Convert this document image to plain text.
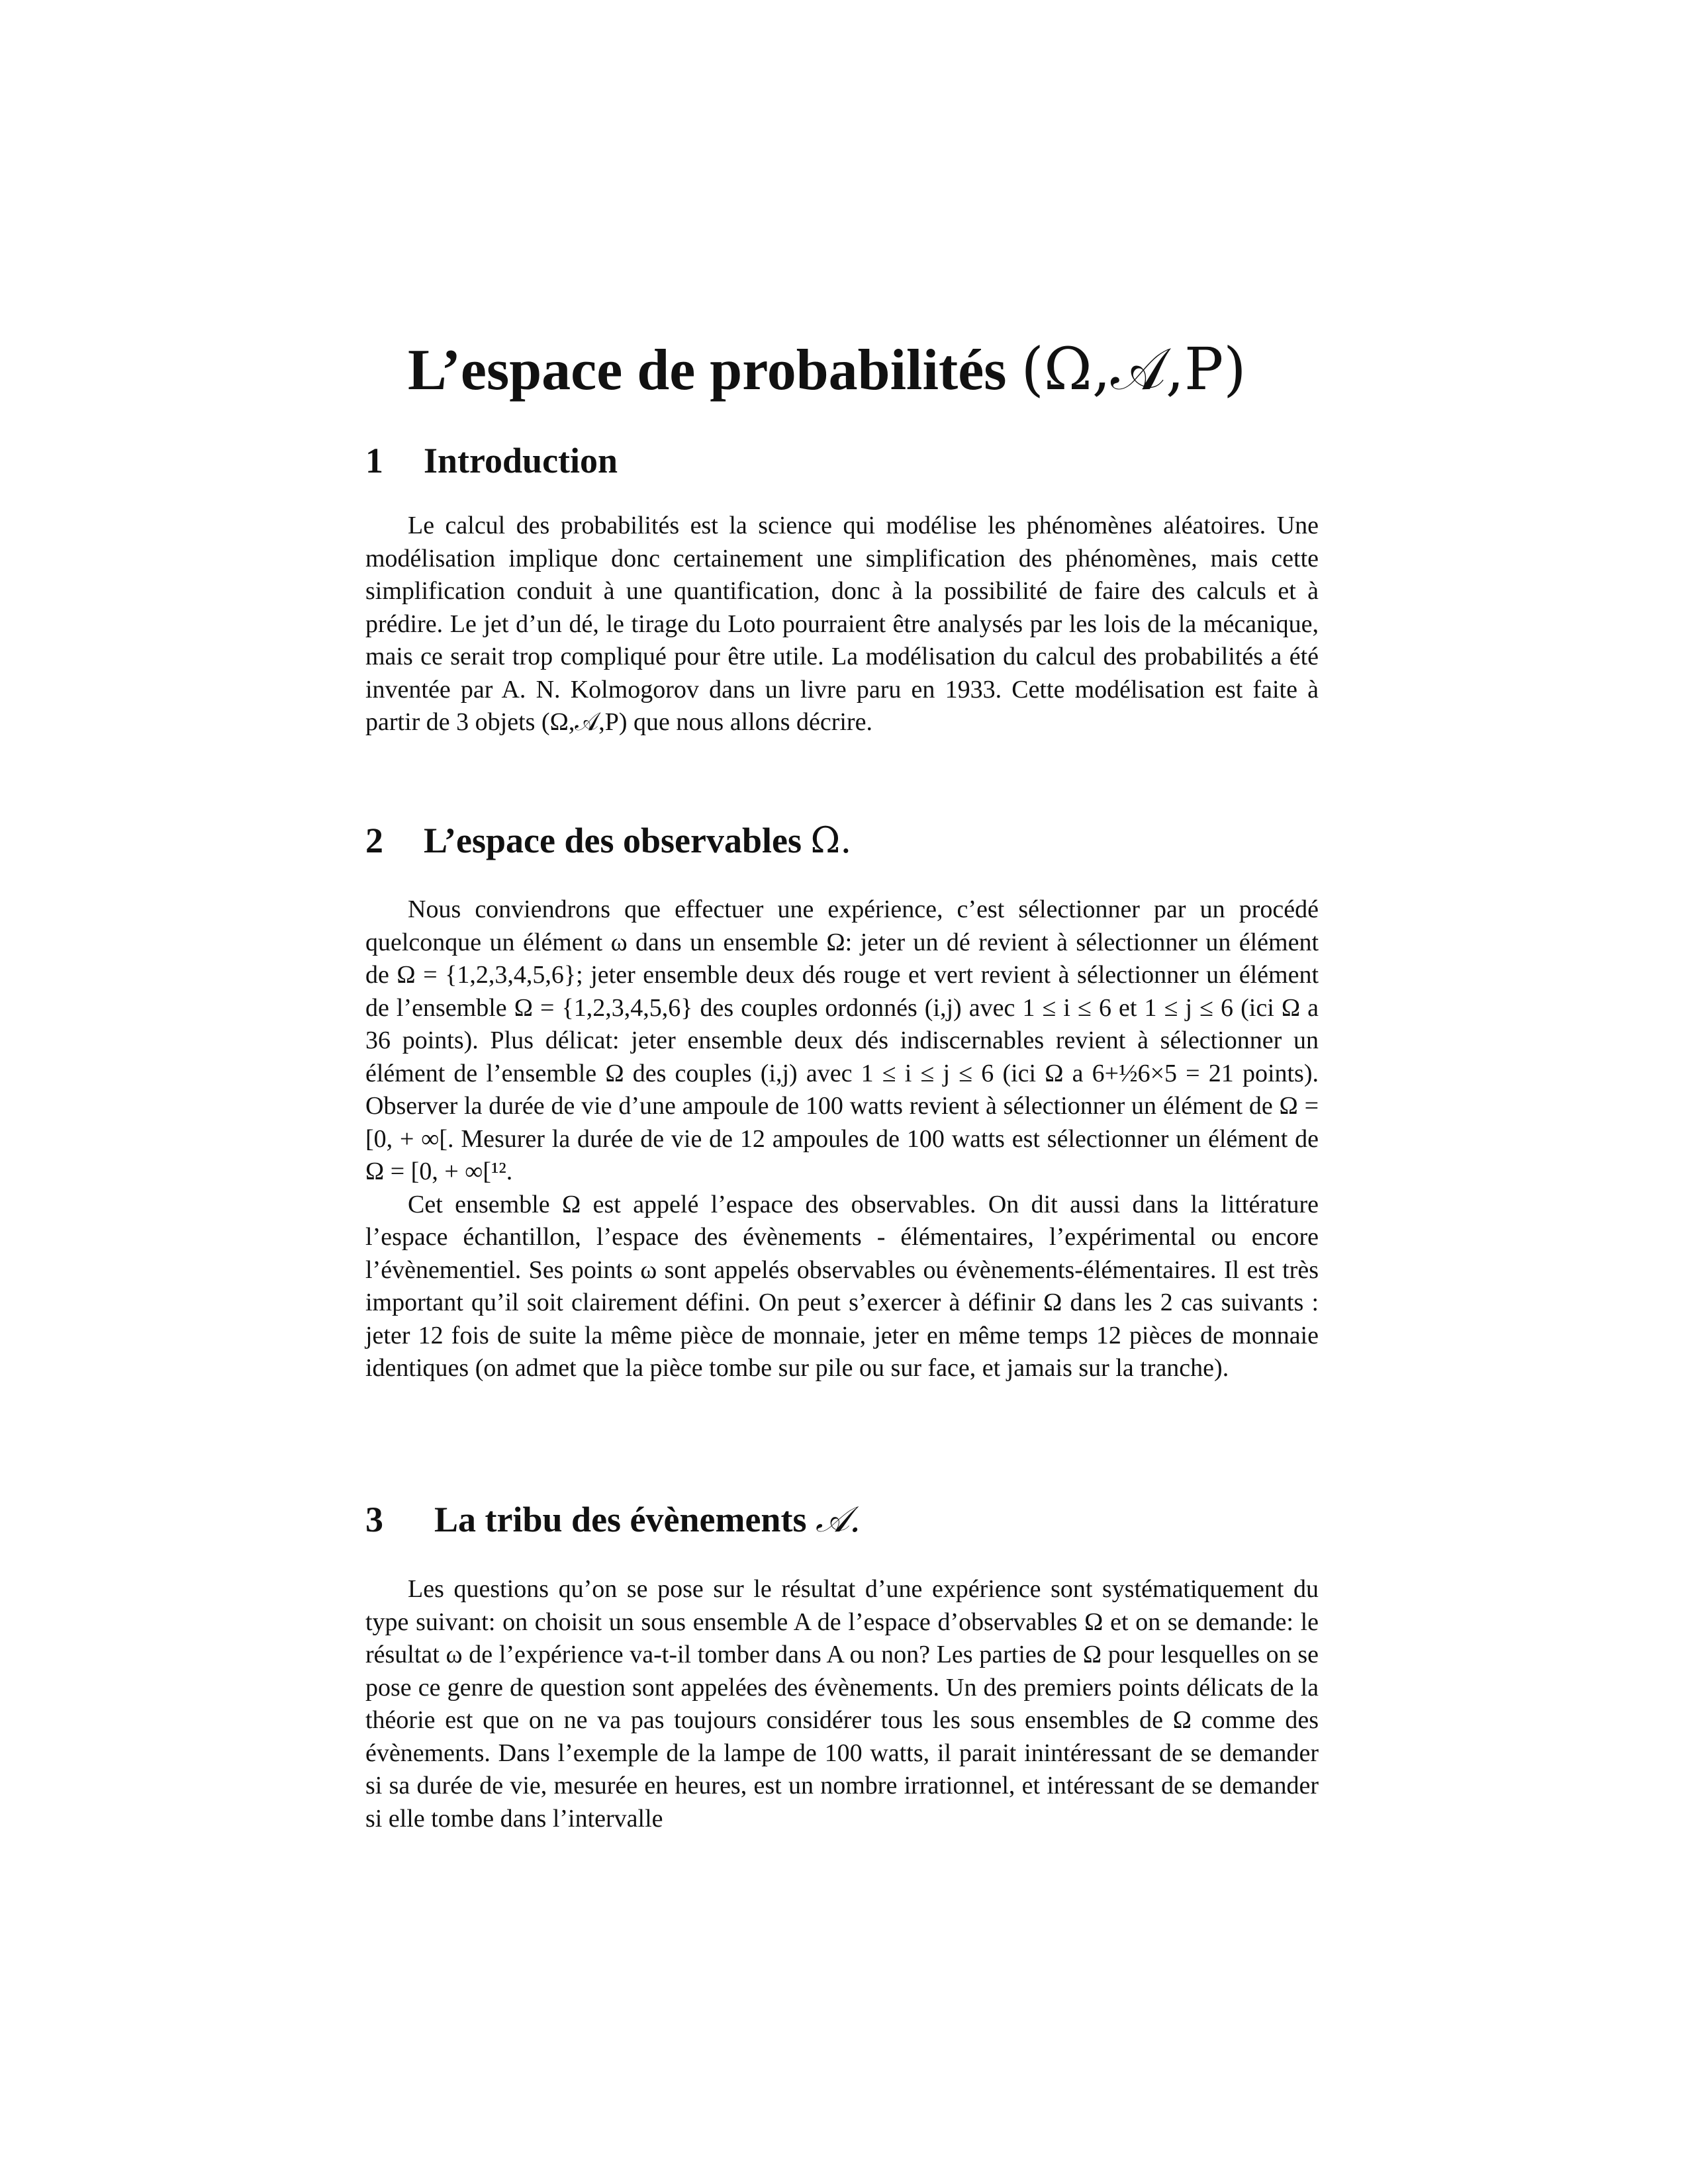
L’espace de probabilités (Ω,𝒜,P)
1 Introduction

Le calcul des probabilités est la science qui modélise les phénomènes aléatoires. Une modélisation implique donc certainement une simplification des phénomènes, mais cette simplification conduit à une quantification, donc à la possibilité de faire des calculs et à prédire. Le jet d’un dé, le tirage du Loto pourraient être analysés par les lois de la mécanique, mais ce serait trop compliqué pour être utile. La modélisation du calcul des probabilités a été inventée par A. N. Kolmogorov dans un livre paru en 1933. Cette modélisation est faite à partir de 3 objets (Ω,𝒜,P) que nous allons décrire.

2 L’espace des observables Ω.

Nous conviendrons que effectuer une expérience, c’est sélectionner par un procédé quelconque un élément ω dans un ensemble Ω: jeter un dé revient à sélectionner un élément de Ω = {1,2,3,4,5,6}; jeter ensemble deux dés rouge et vert revient à sélectionner un élément de l’ensemble Ω = {1,2,3,4,5,6} des couples ordonnés (i,j) avec 1 ≤ i ≤ 6 et 1 ≤ j ≤ 6 (ici Ω a 36 points). Plus délicat: jeter ensemble deux dés indiscernables revient à sélectionner un élément de l’ensemble Ω des couples (i,j) avec 1 ≤ i ≤ j ≤ 6 (ici Ω a 6+½6×5 = 21 points). Observer la durée de vie d’une ampoule de 100 watts revient à sélectionner un élément de Ω = [0, + ∞[. Mesurer la durée de vie de 12 ampoules de 100 watts est sélectionner un élément de Ω = [0, + ∞[¹².

Cet ensemble Ω est appelé l’espace des observables. On dit aussi dans la littérature l’espace échantillon, l’espace des évènements - élémentaires, l’expérimental ou encore l’évènementiel. Ses points ω sont appelés observables ou évènements-élémentaires. Il est très important qu’il soit clairement défini. On peut s’exercer à définir Ω dans les 2 cas suivants : jeter 12 fois de suite la même pièce de monnaie, jeter en même temps 12 pièces de monnaie identiques (on admet que la pièce tombe sur pile ou sur face, et jamais sur la tranche).

3 La tribu des évènements 𝒜.

Les questions qu’on se pose sur le résultat d’une expérience sont systématiquement du type suivant: on choisit un sous ensemble A de l’espace d’observables Ω et on se demande: le résultat ω de l’expérience va-t-il tomber dans A ou non? Les parties de Ω pour lesquelles on se pose ce genre de question sont appelées des évènements. Un des premiers points délicats de la théorie est que on ne va pas toujours considérer tous les sous ensembles de Ω comme des évènements. Dans l’exemple de la lampe de 100 watts, il parait inintéressant de se demander si sa durée de vie, mesurée en heures, est un nombre irrationnel, et intéressant de se demander si elle tombe dans l’intervalle
